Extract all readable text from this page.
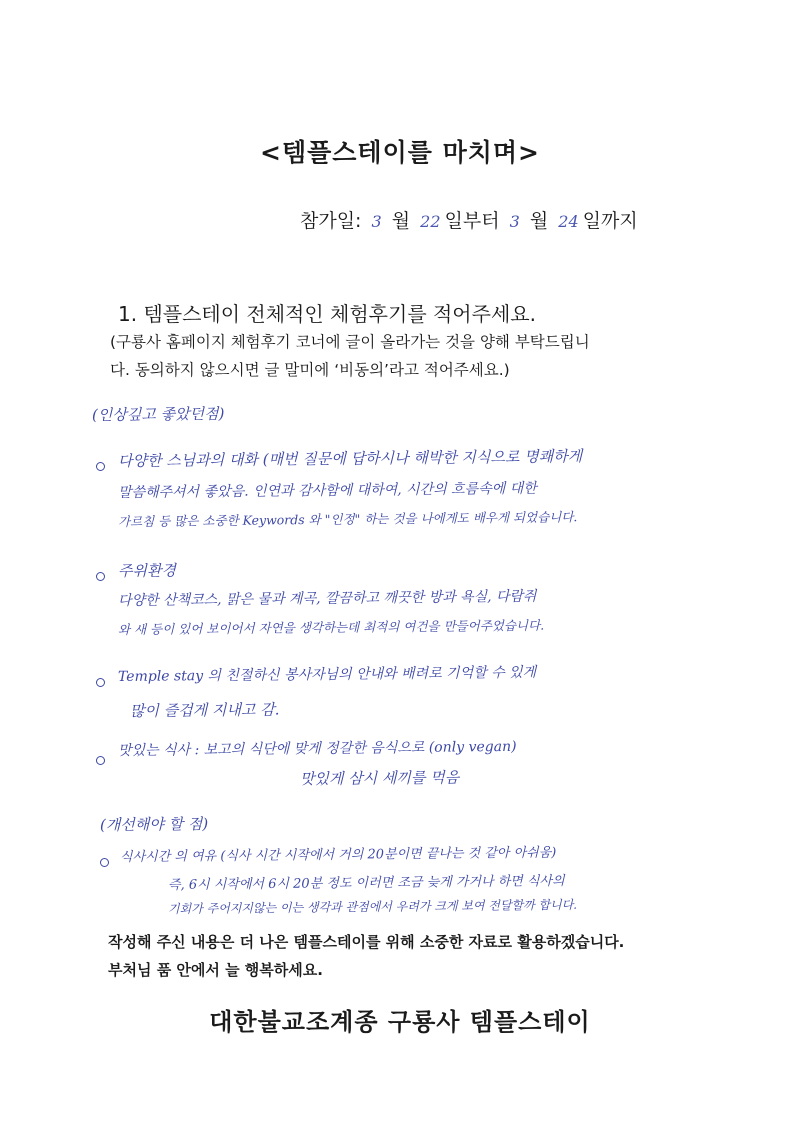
<템플스테이를 마치며>
참가일: 3 월 22 일부터 3 월 24 일까지
1. 템플스테이 전체적인 체험후기를 적어주세요.
(구룡사 홈페이지 체험후기 코너에 글이 올라가는 것을 양해 부탁드립니
다. 동의하지 않으시면 글 말미에 ‘비동의’라고 적어주세요.)
(인상깊고 좋았던점)
다양한 스님과의 대화 (매번 질문에 답하시나 해박한 지식으로 명쾌하게
말씀해주셔서 좋았음. 인연과 감사함에 대하여, 시간의 흐름속에 대한
가르침 등 많은 소중한 Keywords 와 "인정" 하는 것을 나에게도 배우게 되었습니다.
주위환경
다양한 산책코스, 맑은 물과 계곡, 깔끔하고 깨끗한 방과 욕실, 다람쥐
와 새 등이 있어 보이어서 자연을 생각하는데 최적의 여건을 만들어주었습니다.
Temple stay 의 친절하신 봉사자님의 안내와 배려로 기억할 수 있게
많이 즐겁게 지내고 감.
맛있는 식사 : 보고의 식단에 맞게 정갈한 음식으로 (only vegan)
맛있게 삼시 세끼를 먹음
(개선해야 할 점)
식사시간 의 여유 (식사 시간 시작에서 거의 20분이면 끝나는 것 같아 아쉬움)
즉, 6시 시작에서 6시 20분 정도 이러면 조금 늦게 가거나 하면 식사의
기회가 주어지지않는 이는 생각과 관점에서 우려가 크게 보여 전달할까 합니다.
작성해 주신 내용은 더 나은 템플스테이를 위해 소중한 자료로 활용하겠습니다.
부처님 품 안에서 늘 행복하세요.
대한불교조계종 구룡사 템플스테이
